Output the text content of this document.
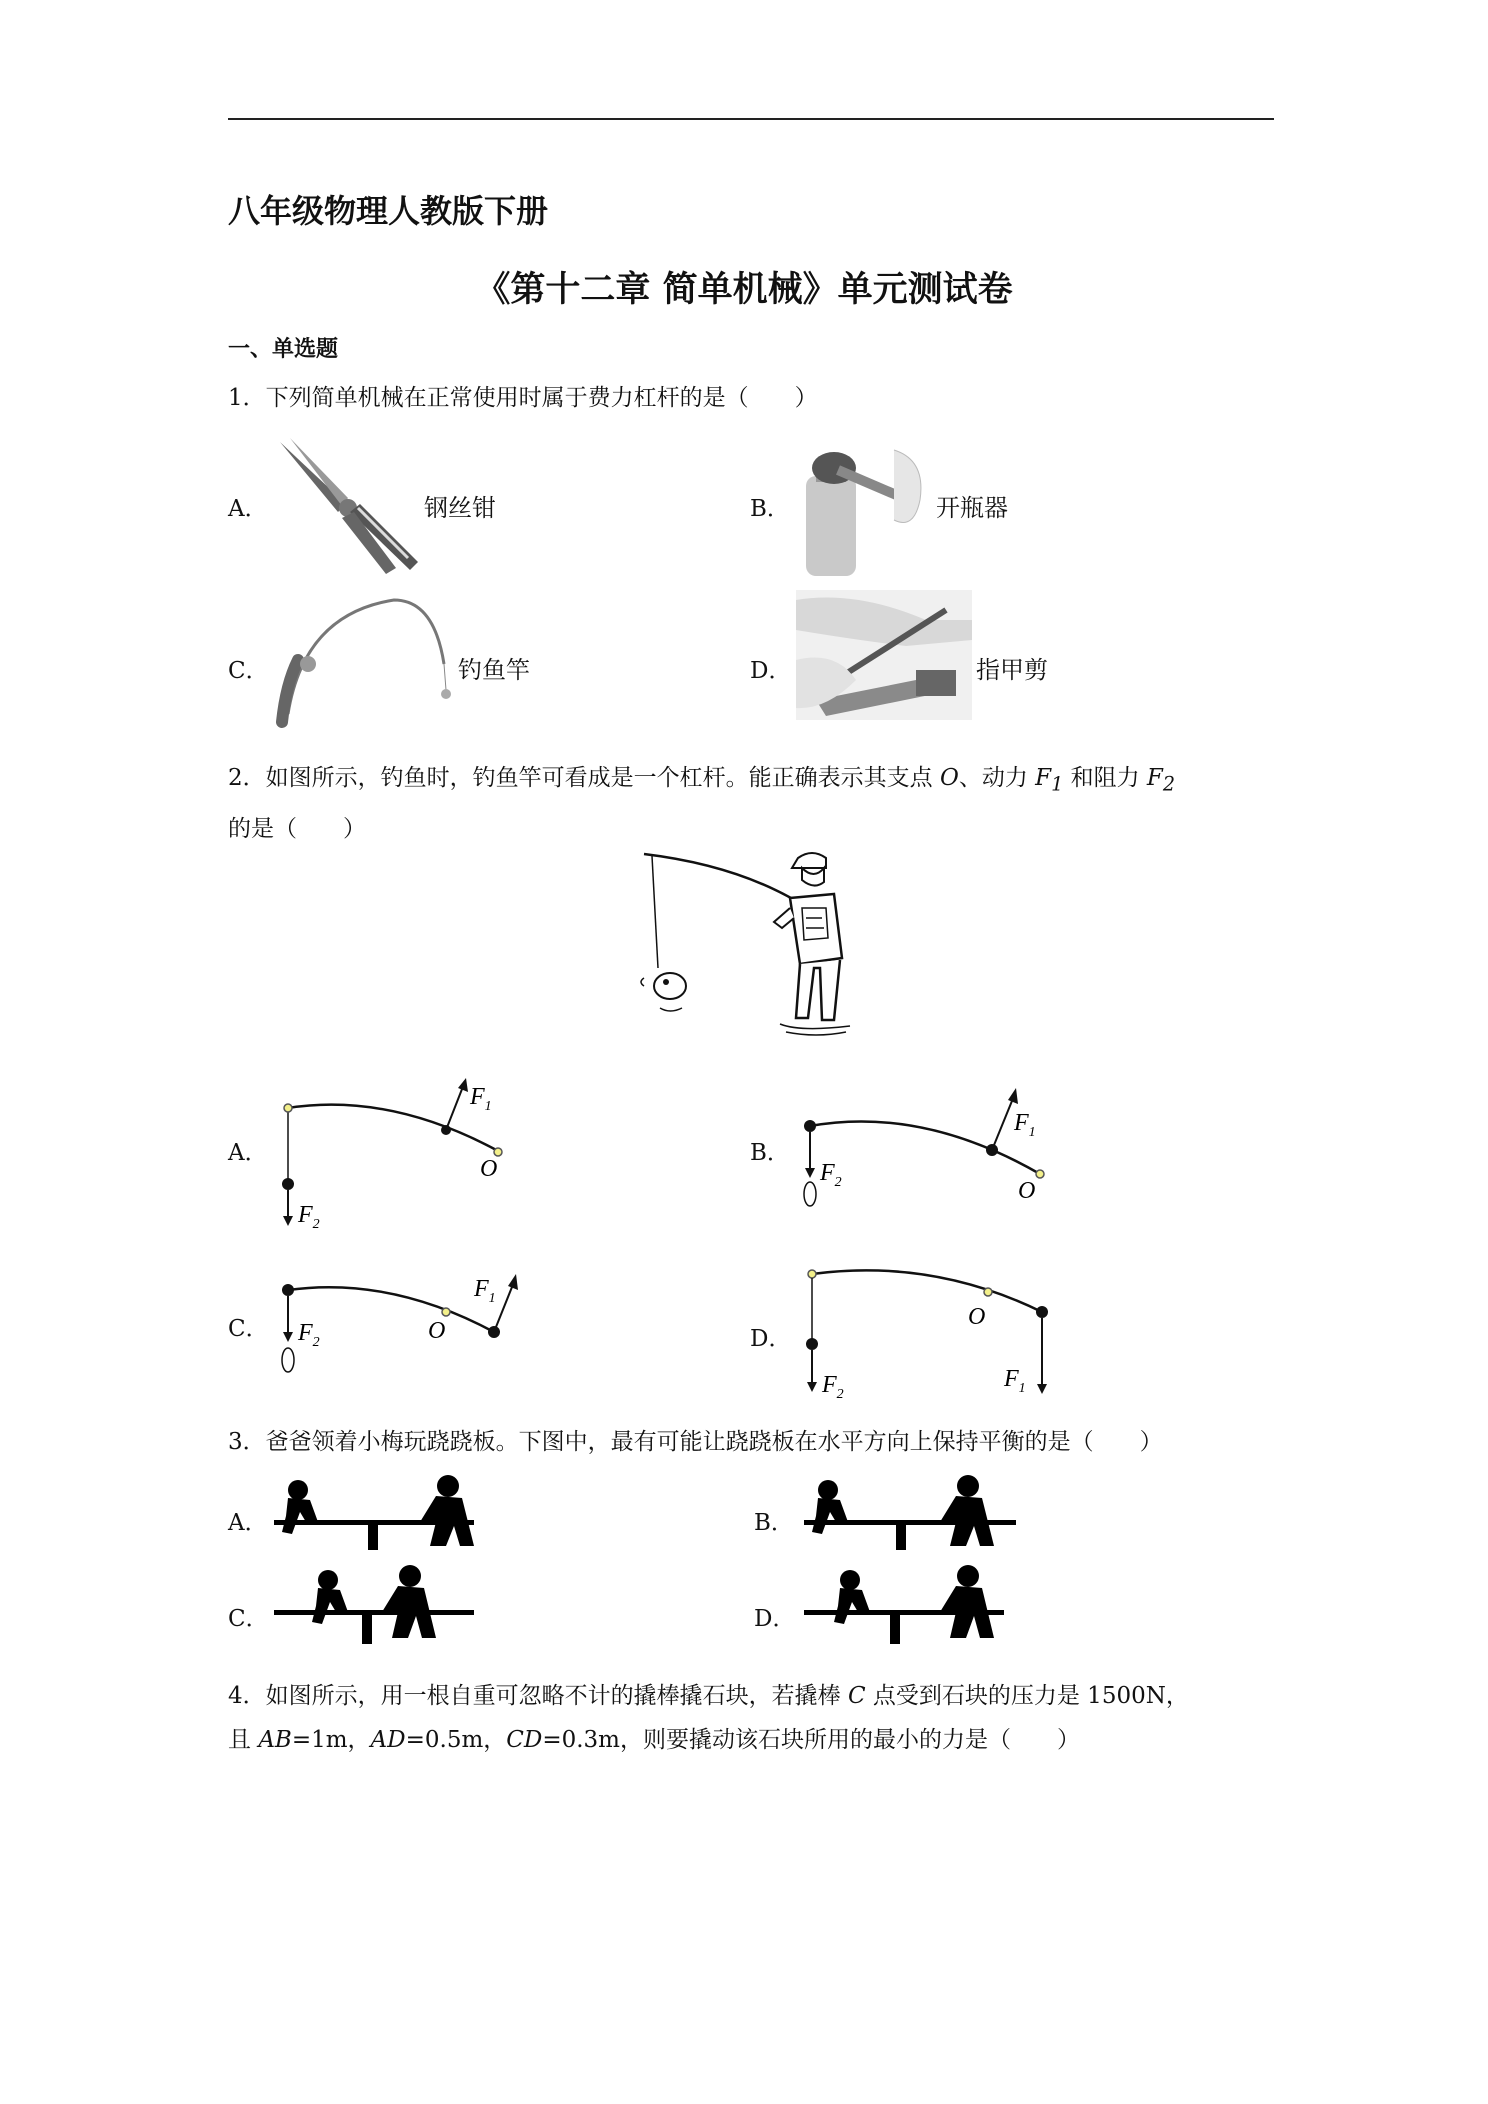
八年级物理人教版下册
《第十二章 简单机械》单元测试卷
一、单选题
1．下列简单机械在正常使用时属于费力杠杆的是（　　）
A．	钢丝钳	B．	开瓶器
C．	钓鱼竿	D．	指甲剪
2．如图所示，钓鱼时，钓鱼竿可看成是一个杠杆。能正确表示其支点 O、动力 $F_1$ 和阻力 $F_2$
的是（　　）
A．
$F_1$
O
$F_2$
B．
$F_1$
O
$F_2$
C．
$F_1$
O
$F_2$	D．
O
$F_2$
$F_1$
3．爸爸领着小梅玩跷跷板。下图中，最有可能让跷跷板在水平方向上保持平衡的是（　　）
A．	B．
C．	D．
4．如图所示，用一根自重可忽略不计的撬棒撬石块，若撬棒 C 点受到石块的压力是 1500N，
且 AB=1m，AD=0.5m，CD=0.3m，则要撬动该石块所用的最小的力是（　　）
